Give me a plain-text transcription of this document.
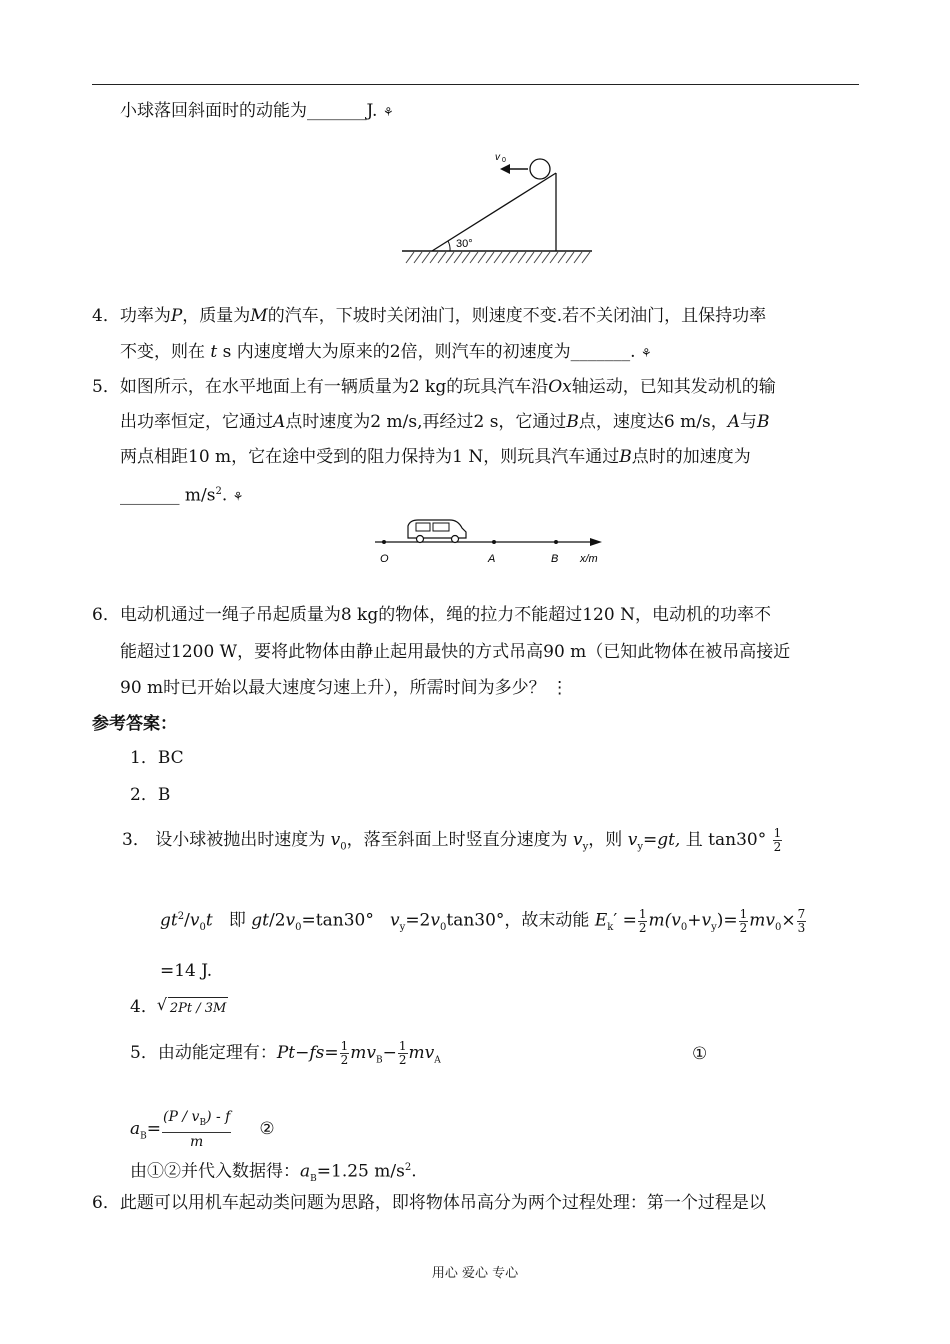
小球落回斜面时的动能为_______J. ⚘
v 0
30°
4．功率为P，质量为M的汽车，下坡时关闭油门，则速度不变.若不关闭油门，且保持功率
不变，则在 t s 内速度增大为原来的2倍，则汽车的初速度为_______. ⚘
5．如图所示，在水平地面上有一辆质量为2 kg的玩具汽车沿Ox轴运动，已知其发动机的输
出功率恒定，它通过A点时速度为2 m/s,再经过2 s，它通过B点，速度达6 m/s，A与B
两点相距10 m，它在途中受到的阻力保持为1 N，则玩具汽车通过B点时的加速度为
_______ $m/s^2$. ⚘
O	A	B x/m
6．电动机通过一绳子吊起质量为8 kg的物体，绳的拉力不能超过120 N，电动机的功率不
能超过1200 W，要将此物体由静止起用最快的方式吊高90 m（已知此物体在被吊高接近
90 m时已开始以最大速度匀速上升），所需时间为多少？ ⋮
参考答案：
1．BC
2．B
3． 设小球被抛出时速度为 $v_0$，落至斜面上时竖直分速度为 $v_y$，则 $v_y=gt$, 且 $\tan 30^\circ \frac{1}{2}$
$gt^2/v_0t$ 即 $gt/2v_0=\tan 30^\circ$ $v_y=2v_0\tan 30^\circ$，故末动能 $E_k' = \frac{1}{2} m(v_0+v_y)= \frac{1}{2} mv_0\times \frac{7}{3}$
=14 J.
4．√ 2Pt / 3M
5．由动能定理有：$Pt-fs= \frac{1}{2} mv_B- \frac{1}{2} mv_A$	①
$a_B= \frac{(P / v_B) - f}{m}$ ②
由①②并代入数据得：$a_B=1.25$ $m/s^2$.
6．此题可以用机车起动类问题为思路，即将物体吊高分为两个过程处理：第一个过程是以
用心 爱心 专心
